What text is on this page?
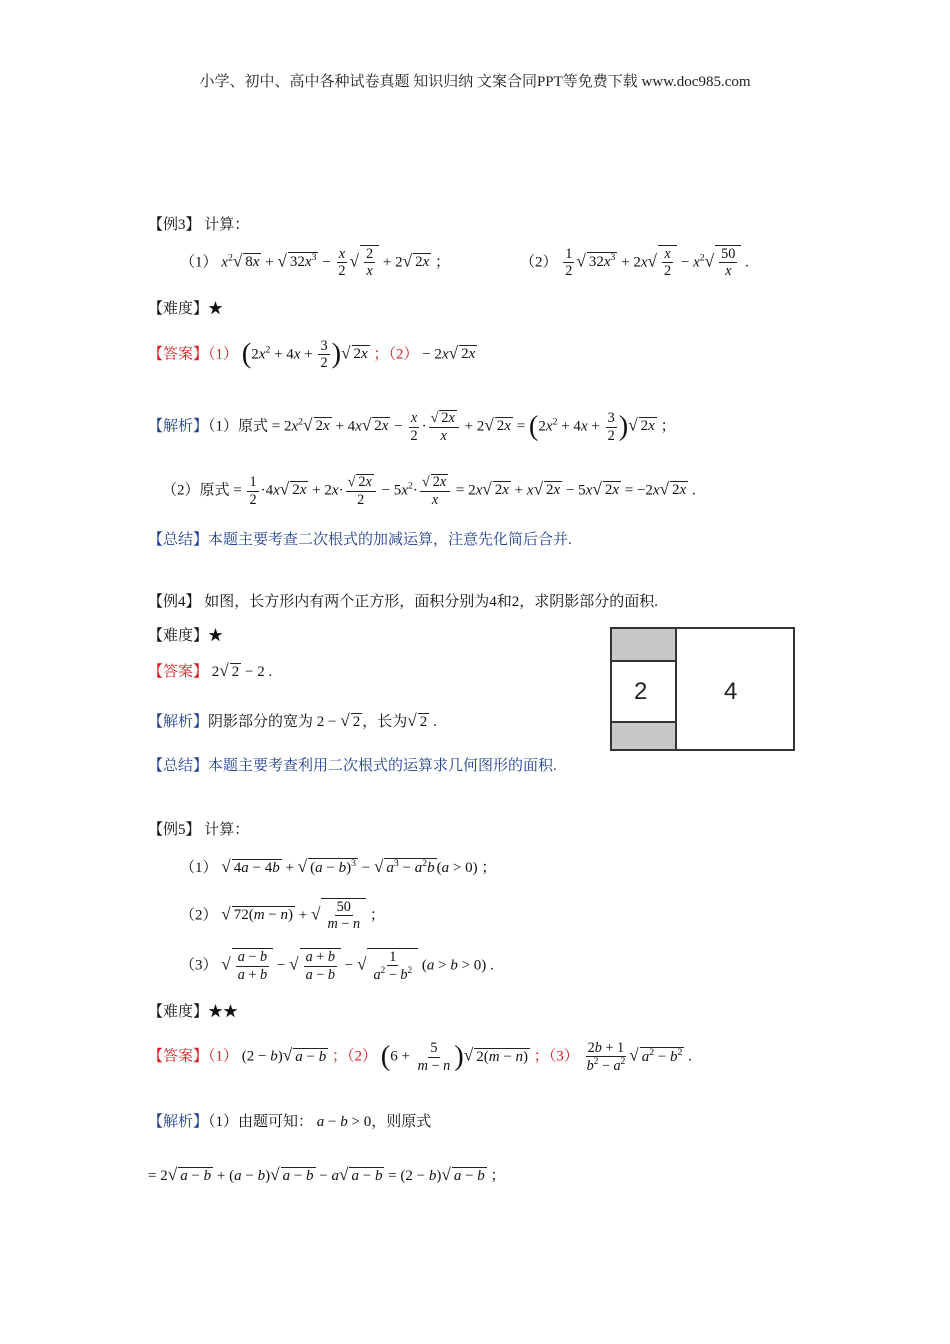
小学、初中、高中各种试卷真题 知识归纳 文案合同PPT等免费下载 www.doc985.com
【例3】 计算：
（1） $x^2√$ 8x + √ $32x^3 - \frac{x}{2}$ √ $\frac{2}{x} + 2√$ 2x ；	$(2) \frac{1}{2}$ √ $32x^3 + 2x√ \frac{x}{2} - x^2√ \frac{50}{x}$ .
【难度】★
【答案】（1） ($2x^2 + 4x + \frac{3}{2}$ )√ 2x ；（2） − 2x√ 2x
【解析】（1）原式 = $2x^2√$ 2x + 4x√ $2x - \frac{x}{2} \cdot \frac{√ 2x}{x} + 2√$ $2x = (2x^2 + 4x + \frac{3}{2}$ )√ 2x ；
（2）原式 = $\frac{1}{2} \cdot 4x√$ $2x + 2x\cdot \frac{√ 2x}{2} - 5x^2\cdot \frac{√ 2x}{x} = 2x√$ 2x + x√ 2x − 5x√ 2x = −2x√ 2x .
【总结】本题主要考查二次根式的加减运算，注意先化简后合并.
【例4】 如图，长方形内有两个正方形，面积分别为4和2，求阴影部分的面积.
【难度】★
【答案】 2√ 2 − 2 .
【解析】阴影部分的宽为 2 − √ 2 ，长为√ 2 .
【总结】本题主要考查利用二次根式的运算求几何图形的面积.
2	4
【例5】 计算：
（1） √ 4a − 4b + √ $(a - b)^3$ − √ $a^3 - a^2b$ (a > 0) ；
（2） √ 72(m − n) + √ $\frac{50}{m - n}$ ；
（3） √ $\frac{a - b}{a + b}$ − √ $\frac{a + b}{a - b}$ − √ $\frac{1}{a^2 - b^2} (a > b > 0)$ .
【难度】★★
【答案】（1） (2 − b)√ a − b ；（2） ($6 + \frac{5}{m - n}$ )√ 2(m − n) ；$(3) \frac{2b + 1}{b^2 - a^2}$ √ $a^2 - b^2$ .
【解析】（1）由题可知： a − b > 0，则原式
= 2√ a − b + (a − b)√ a − b − a√ a − b = (2 − b)√ a − b ；
